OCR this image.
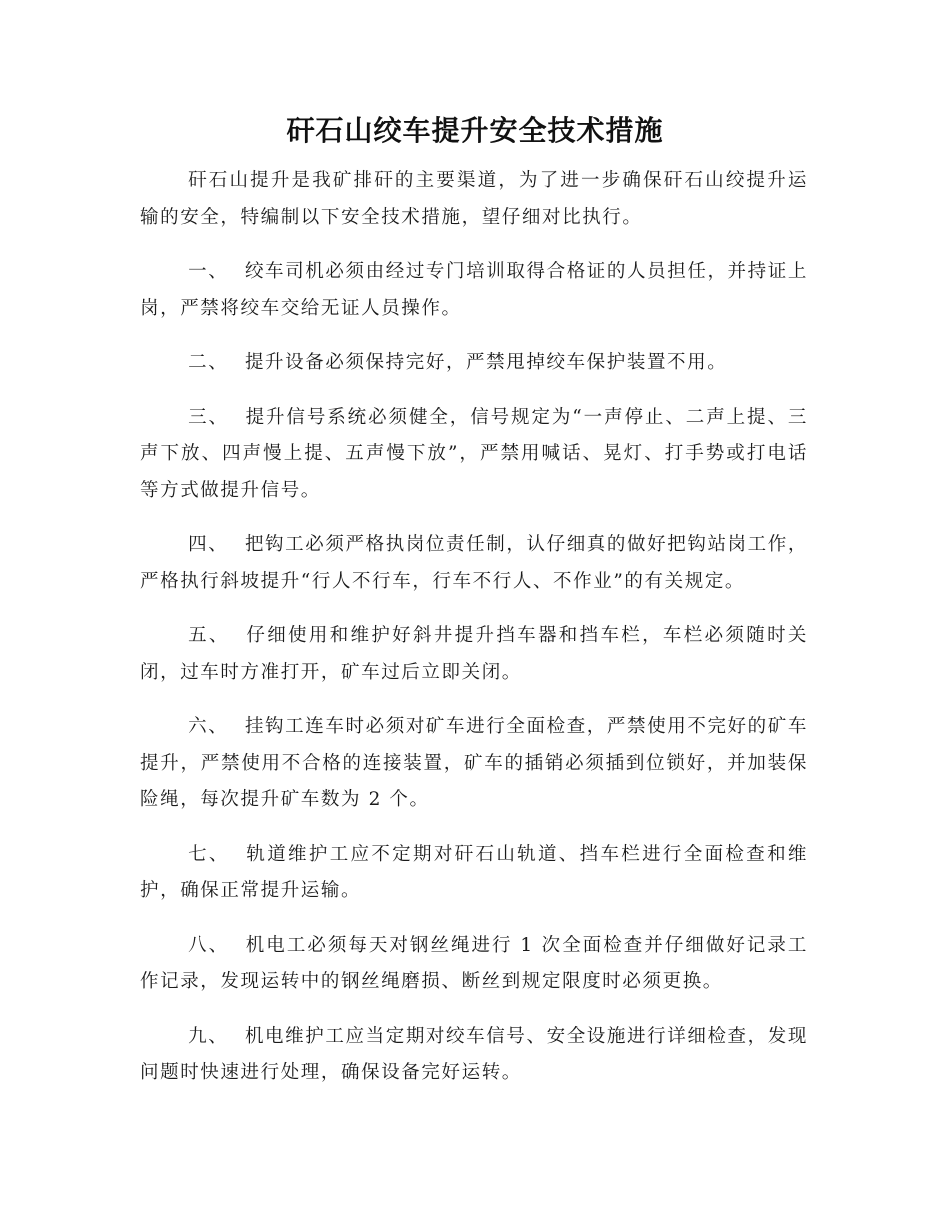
矸石山绞车提升安全技术措施

矸石山提升是我矿排矸的主要渠道，为了进一步确保矸石山绞提升运输的安全，特编制以下安全技术措施，望仔细对比执行。

一、 绞车司机必须由经过专门培训取得合格证的人员担任，并持证上岗，严禁将绞车交给无证人员操作。

二、 提升设备必须保持完好，严禁甩掉绞车保护装置不用。

三、 提升信号系统必须健全，信号规定为“一声停止、二声上提、三声下放、四声慢上提、五声慢下放”，严禁用喊话、晃灯、打手势或打电话等方式做提升信号。

四、 把钩工必须严格执岗位责任制，认仔细真的做好把钩站岗工作，严格执行斜坡提升“行人不行车，行车不行人、不作业”的有关规定。

五、 仔细使用和维护好斜井提升挡车器和挡车栏，车栏必须随时关闭，过车时方准打开，矿车过后立即关闭。

六、 挂钩工连车时必须对矿车进行全面检查，严禁使用不完好的矿车提升，严禁使用不合格的连接装置，矿车的插销必须插到位锁好，并加装保险绳，每次提升矿车数为 2 个。

七、 轨道维护工应不定期对矸石山轨道、挡车栏进行全面检查和维护，确保正常提升运输。

八、 机电工必须每天对钢丝绳进行 1 次全面检查并仔细做好记录工作记录，发现运转中的钢丝绳磨损、断丝到规定限度时必须更换。

九、 机电维护工应当定期对绞车信号、安全设施进行详细检查，发现问题时快速进行处理，确保设备完好运转。
